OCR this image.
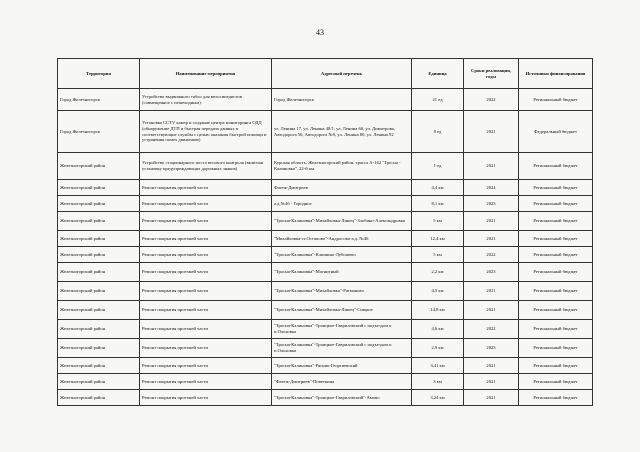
43
Территория	Наименование мероприятия	Адресный перечень	Единица	Сроки реализации, годы	Источники финансирования
Город Железногорск	Устройство выдвижного табло для велосипедистов (совмещенное с пешеходным)	Город Железногорск	21 ед	2022	Региональный бюджет
Город Железногорск	Установка CCTV камер и создание центра мониторинга ОДД (обнаружение ДТП и быстрая передача данных в соответствующие службы с целью оказания быстрой помощи и устранения помех движению)	ул. Ленина 17, ул. Ленина 40/1, ул. Ленина 60, ул. Димитрова, Автодорога 56, Автодорога №9, ул. Ленина 80, ул. Ленина 92	8 ед	2021	Федеральный бюджет
Железногорский район	Устройство стационарного поста весового контроля (включая установку предупреждающих дорожных знаков)	Курская область, Железногорский район, трасса А-142 "Тросна - Калиновка", 22-й км.	1 ед	2021	Региональный бюджет
Железногорский район	Ремонт покрытия проезжей части	Фатеж-Дмитриев	4,4 км	2024	Региональный бюджет
Железногорский район	Ремонт покрытия проезжей части	а.д.№46 - Городное	8,1 км	2023	Региональный бюджет
Железногорский район	Ремонт покрытия проезжей части	"Тросна-Калиновка"-Михайловка-Линец"-Злобино-Александровка	5 км	2021	Региональный бюджет
Железногорский район	Ремонт покрытия проезжей части	"Михайловка-ст.Остапово"-Андросово-а.д. №46	12,4 км	2021	Региональный бюджет
Железногорский район	Ремонт покрытия проезжей части	"Тросна-Калиновка"-Клишино-Лубошево	5 км	2022	Региональный бюджет
Железногорский район	Ремонт покрытия проезжей части	"Тросна-Калиновка"-Магнитный	2,2 км	2023	Региональный бюджет
Железногорский район	Ремонт покрытия проезжей части	"Тросна-Калиновка"-Михайловка"-Ратманово	4,5 км	2021	Региональный бюджет
Железногорский район	Ремонт покрытия проезжей части	"Тросна-Калиновка"-Михайловка-Линец"-Сищкое	14,8 км	2021	Региональный бюджет
Железногорский район	Ремонт покрытия проезжей части	"Тросна-Калиновка"-Троицкое-Гавриловский с подъездом к п.Ольховка	4,6 км	2022	Региональный бюджет
Железногорский район	Ремонт покрытия проезжей части	"Тросна-Калиновка"-Троицкое-Гавриловский с подъездом к п.Ольховка	2,9 км	2023	Региональный бюджет
Железногорский район	Ремонт покрытия проезжей части	"Тросна-Калиновка"-Рясник-Георгиевский	3,41 км	2021	Региональный бюджет
Железногорский район	Ремонт покрытия проезжей части	"Фатеж-Дмитриев"-Поветкина	3 км	2021	Региональный бюджет
Железногорский район	Ремонт покрытия проезжей части	"Тросна-Калиновка"-Троицкое-Гавриловский"-Амово	3,24 км	2021	Региональный бюджет
